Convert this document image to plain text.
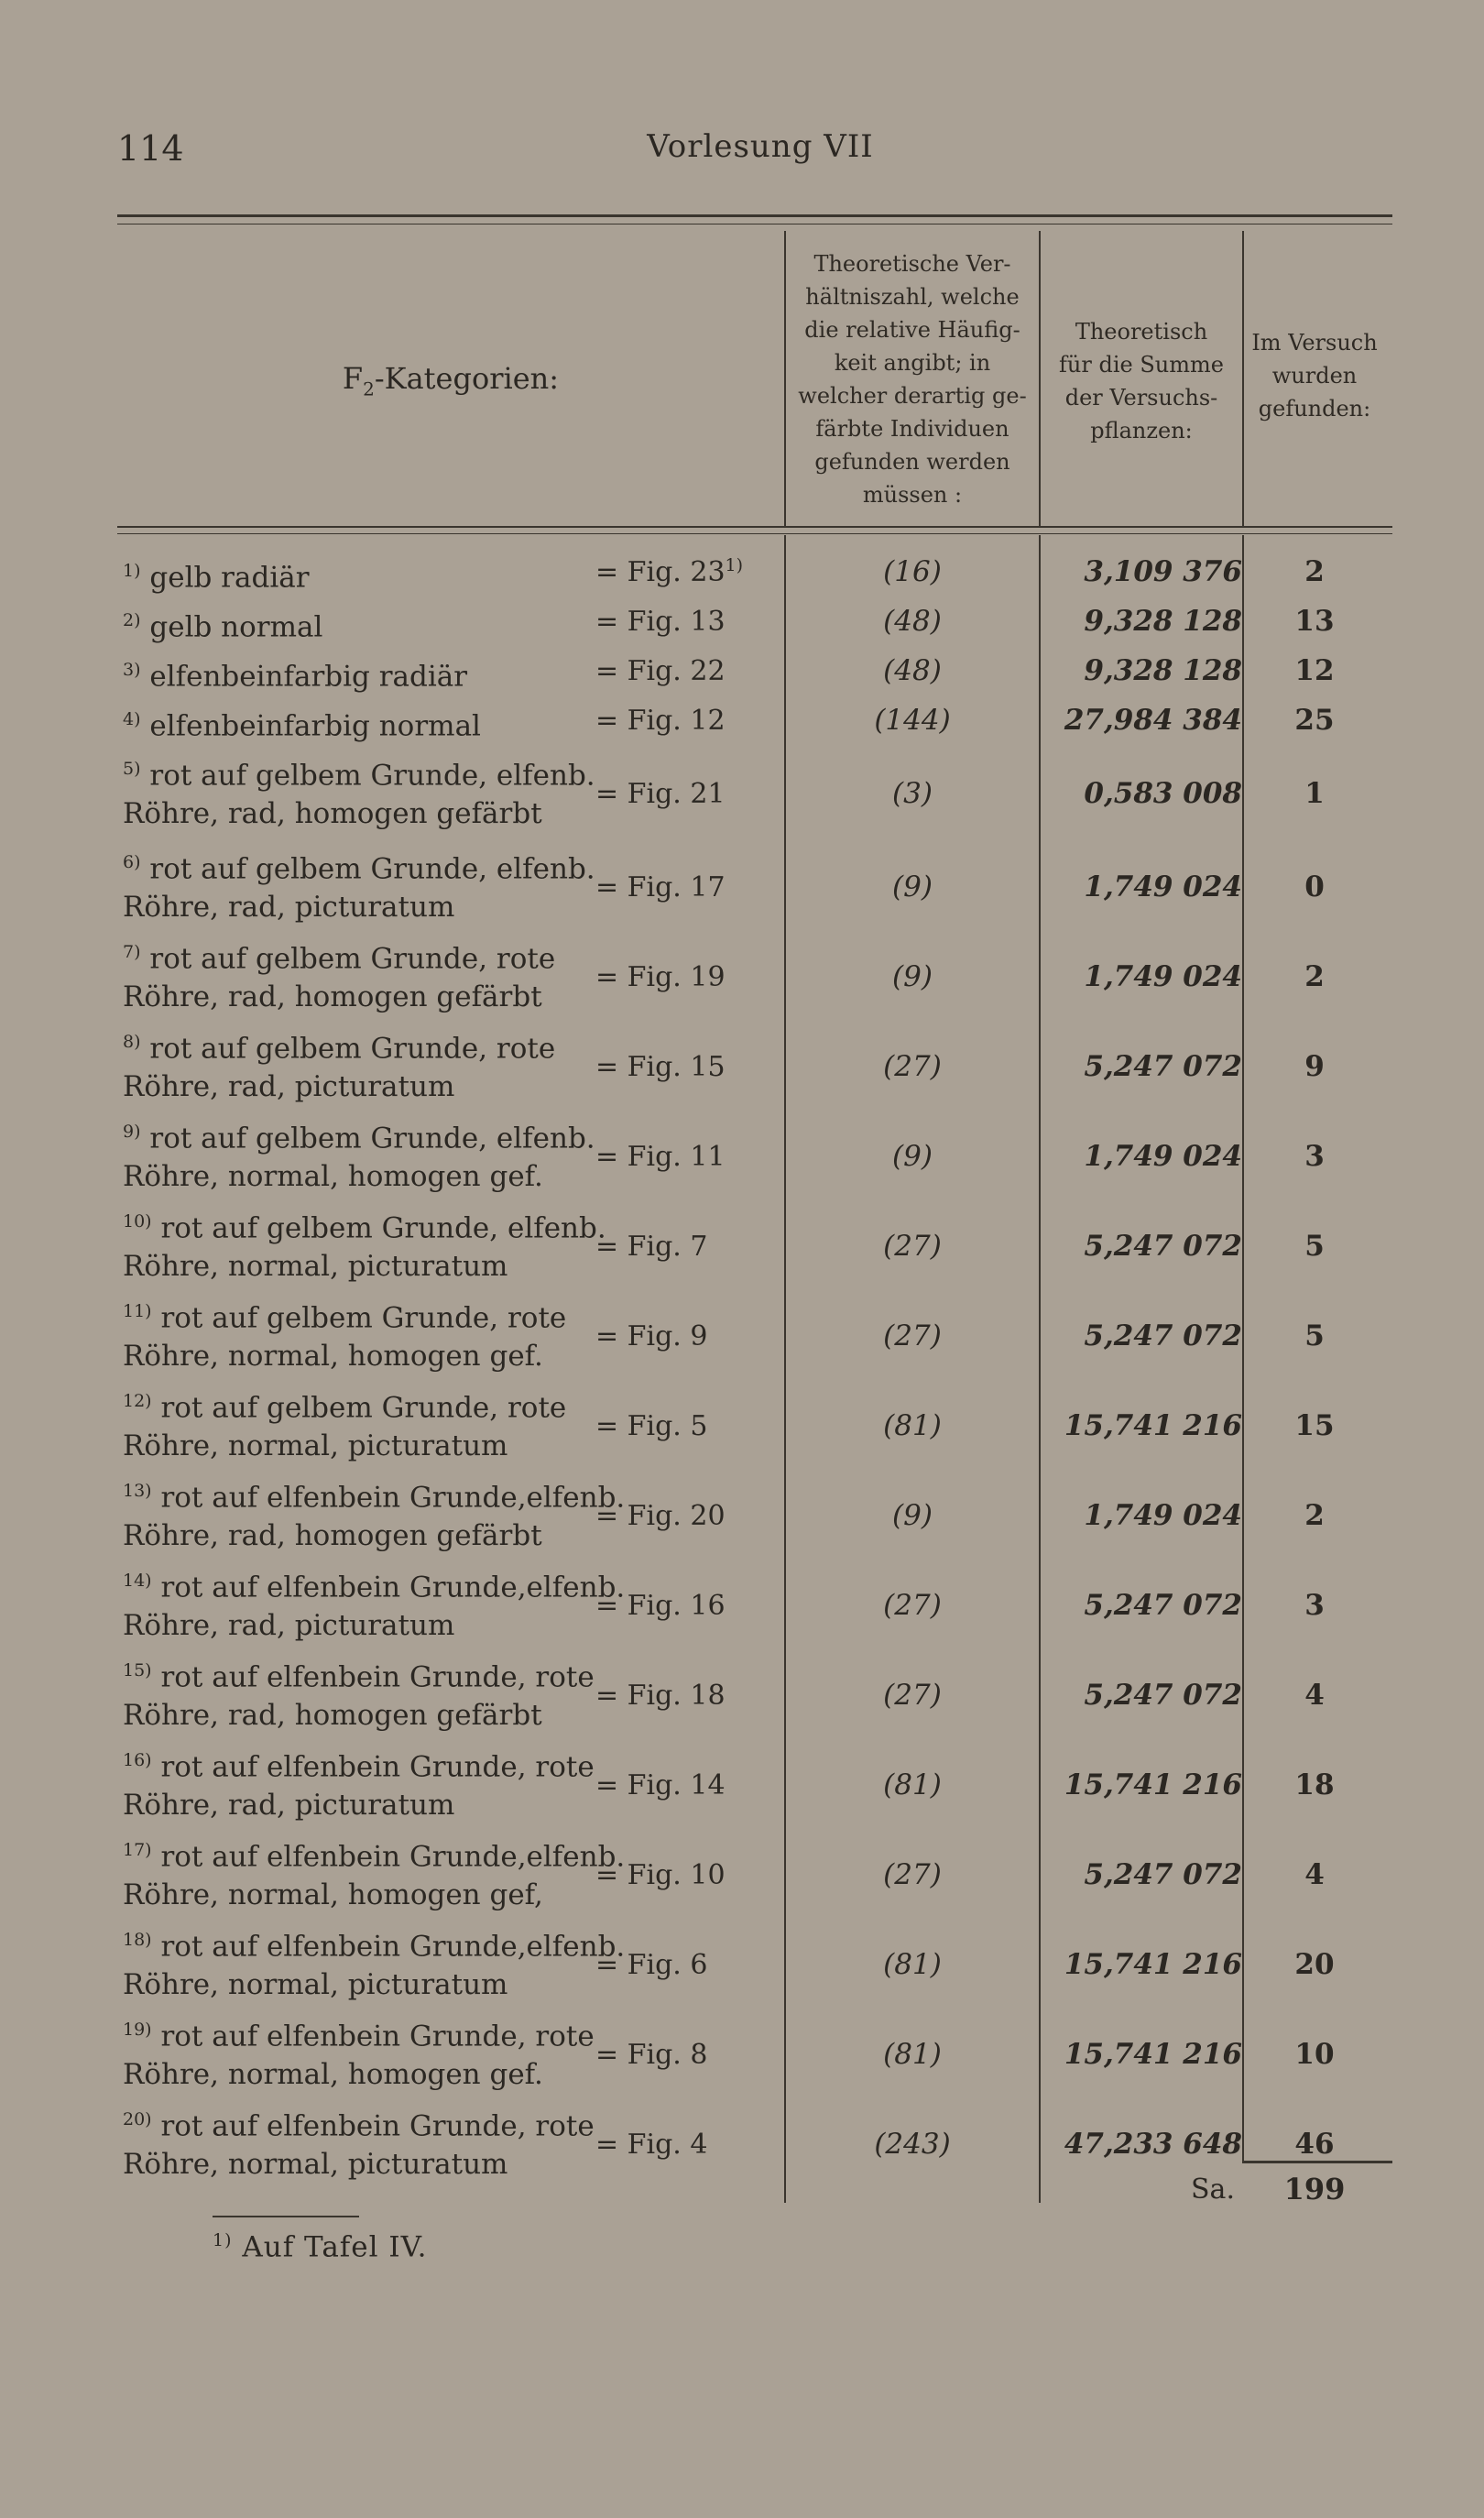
114	Vorlesung VII
$F_2$-Kategorien:
Theoretische Ver-
hältniszahl, welche
die relative Häufig-
keit angibt; in
welcher derartig ge-
färbte Individuen
gefunden werden
müssen :
Theoretisch
für die Summe
der Versuchs-
pflanzen:
Im Versuch
wurden
gefunden:
$^{1)}$ gelb radiär	= Fig. 23$^{1)}$	(16)	3,109 376	2
$^{2)}$ gelb normal	= Fig. 13	(48)	9,328 128	13
$^{3)}$ elfenbeinfarbig radiär	= Fig. 22	(48)	9,328 128	12
$^{4)}$ elfenbeinfarbig normal	= Fig. 12	(144)	27,984 384	25
$^{5)}$ rot auf gelbem Grunde, elfenb.
Röhre, rad, homogen gefärbt
= Fig. 21	(3)	0,583 008	1
$^{6)}$ rot auf gelbem Grunde, elfenb.
Röhre, rad, picturatum
= Fig. 17	(9)	1,749 024	0
$^{7)}$ rot auf gelbem Grunde, rote
Röhre, rad, homogen gefärbt
= Fig. 19	(9)	1,749 024	2
$^{8)}$ rot auf gelbem Grunde, rote
Röhre, rad, picturatum
= Fig. 15	(27)	5,247 072	9
$^{9)}$ rot auf gelbem Grunde, elfenb.
Röhre, normal, homogen gef.
= Fig. 11	(9)	1,749 024	3
$^{10)}$ rot auf gelbem Grunde, elfenb.
Röhre, normal, picturatum
= Fig. 7	(27)	5,247 072	5
$^{11)}$ rot auf gelbem Grunde, rote
Röhre, normal, homogen gef.
= Fig. 9	(27)	5,247 072	5
$^{12)}$ rot auf gelbem Grunde, rote
Röhre, normal, picturatum
= Fig. 5	(81)	15,741 216	15
$^{13)}$ rot auf elfenbein Grunde,elfenb.
Röhre, rad, homogen gefärbt
= Fig. 20	(9)	1,749 024	2
$^{14)}$ rot auf elfenbein Grunde,elfenb.
Röhre, rad, picturatum
= Fig. 16	(27)	5,247 072	3
$^{15)}$ rot auf elfenbein Grunde, rote
Röhre, rad, homogen gefärbt
= Fig. 18	(27)	5,247 072	4
$^{16)}$ rot auf elfenbein Grunde, rote
Röhre, rad, picturatum
= Fig. 14	(81)	15,741 216	18
$^{17)}$ rot auf elfenbein Grunde,elfenb.
Röhre, normal, homogen gef,
= Fig. 10	(27)	5,247 072	4
$^{18)}$ rot auf elfenbein Grunde,elfenb.
Röhre, normal, picturatum
= Fig. 6	(81)	15,741 216	20
$^{19)}$ rot auf elfenbein Grunde, rote
Röhre, normal, homogen gef.
= Fig. 8	(81)	15,741 216	10
$^{20)}$ rot auf elfenbein Grunde, rote
Röhre, normal, picturatum
= Fig. 4	(243)	47,233 648	46
Sa.	199
$^{1)}$ Auf Tafel IV.
